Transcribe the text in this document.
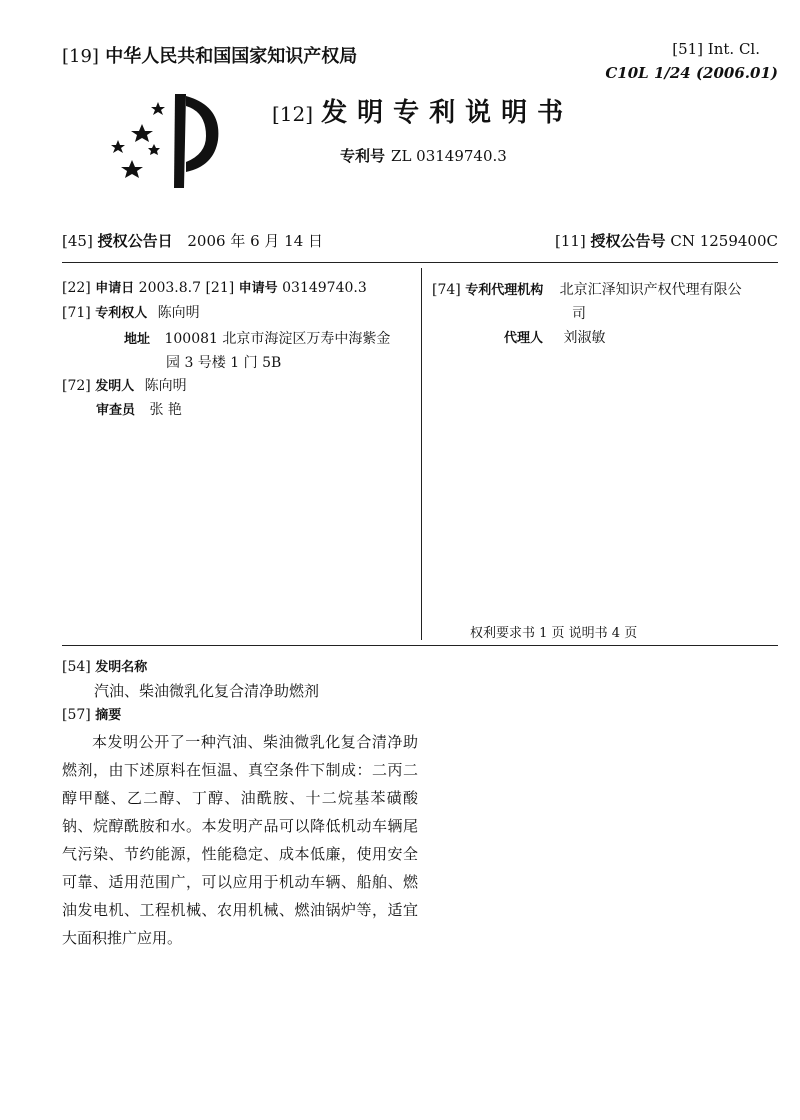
[19] 中华人民共和国国家知识产权局	[51] Int. Cl.
C10L 1/24 (2006.01)
[12] 发明专利说明书
专利号 ZL 03149740.3
[45] 授权公告日 2006 年 6 月 14 日	[11] 授权公告号 CN 1259400C
[22] 申请日 2003.8.7 [21] 申请号 03149740.3
[71] 专利权人 陈向明
地址 100081 北京市海淀区万寿中海紫金
园 3 号楼 1 门 5B
[72] 发明人 陈向明
审查员 张 艳
[74] 专利代理机构 北京汇泽知识产权代理有限公
司
代理人 刘淑敏
权利要求书 1 页 说明书 4 页
[54] 发明名称
汽油、柴油微乳化复合清净助燃剂
[57] 摘要
本发明公开了一种汽油、柴油微乳化复合清净助燃剂，由下述原料在恒温、真空条件下制成：二丙二醇甲醚、乙二醇、丁醇、油酰胺、十二烷基苯磺酸钠、烷醇酰胺和水。本发明产品可以降低机动车辆尾气污染、节约能源，性能稳定、成本低廉，使用安全可靠、适用范围广，可以应用于机动车辆、船舶、燃油发电机、工程机械、农用机械、燃油锅炉等，适宜大面积推广应用。
